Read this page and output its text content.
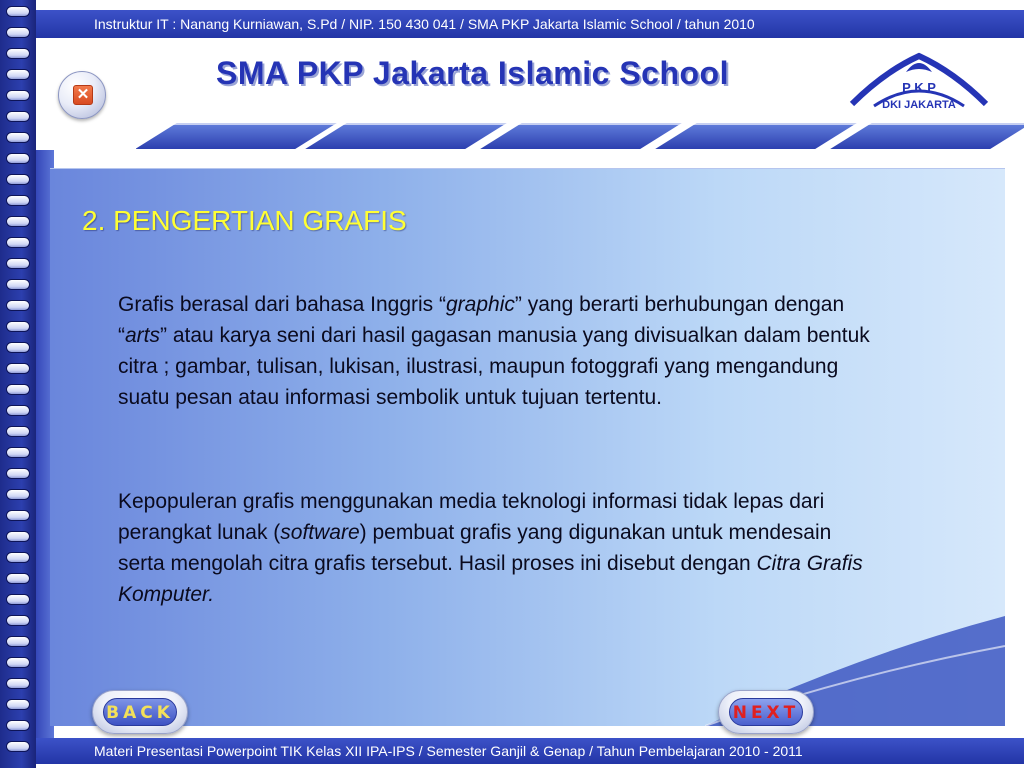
Instruktur IT : Nanang Kurniawan, S.Pd / NIP. 150 430 041 / SMA PKP Jakarta Islamic School / tahun 2010
✕
SMA PKP Jakarta Islamic School	P K P
DKI JAKARTA
2. PENGERTIAN GRAFIS

Grafis berasal dari bahasa Inggris “graphic” yang berarti berhubungan dengan “arts” atau karya seni dari hasil gagasan manusia yang divisualkan dalam bentuk citra ; gambar, tulisan, lukisan, ilustrasi, maupun fotoggrafi yang mengandung suatu pesan atau informasi sembolik untuk tujuan tertentu.

Kepopuleran grafis menggunakan media teknologi informasi tidak lepas dari perangkat lunak (software) pembuat grafis yang digunakan untuk mendesain serta mengolah citra grafis tersebut. Hasil proses ini disebut dengan Citra Grafis Komputer.

BACK	NEXT
Materi Presentasi Powerpoint TIK Kelas XII IPA-IPS / Semester Ganjil & Genap / Tahun Pembelajaran 2010 - 2011
